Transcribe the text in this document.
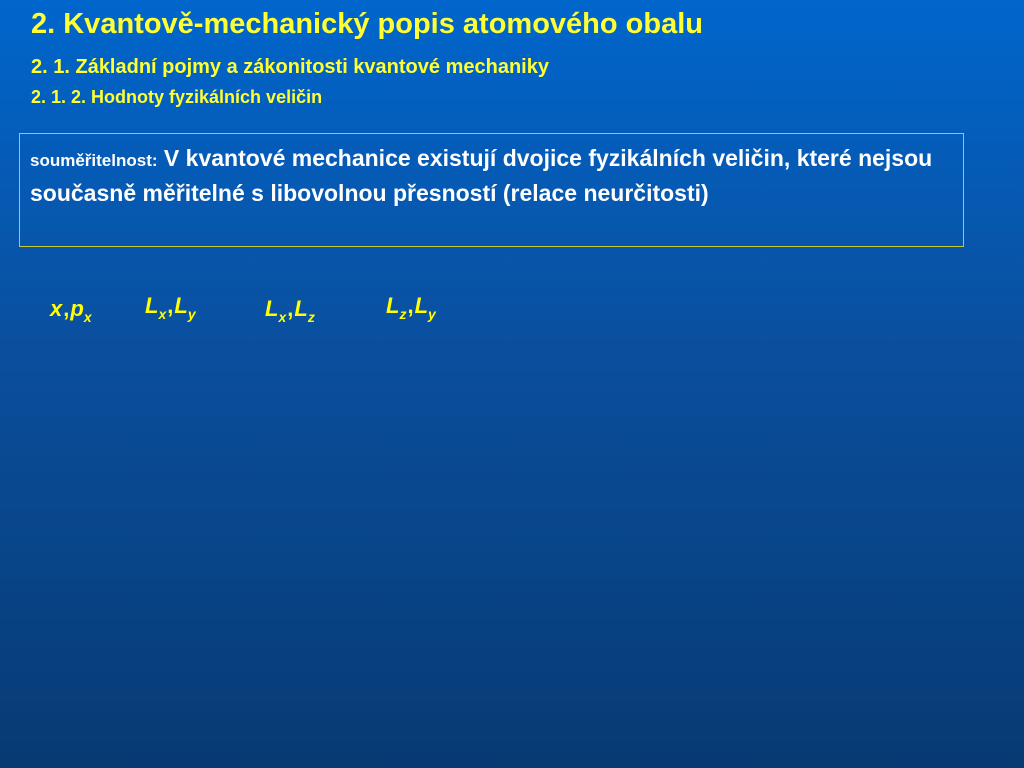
2. Kvantově-mechanický popis atomového obalu
2. 1. Základní pojmy a zákonitosti kvantové mechaniky
2. 1. 2. Hodnoty fyzikálních veličin
souměřitelnost: V kvantové mechanice existují dvojice fyzikálních veličin, které nejsou současně měřitelné s libovolnou přesností (relace neurčitosti)
$x,p_x$ $L_x,L_y$	$L_x,L_z$	$L_z,L_y$
